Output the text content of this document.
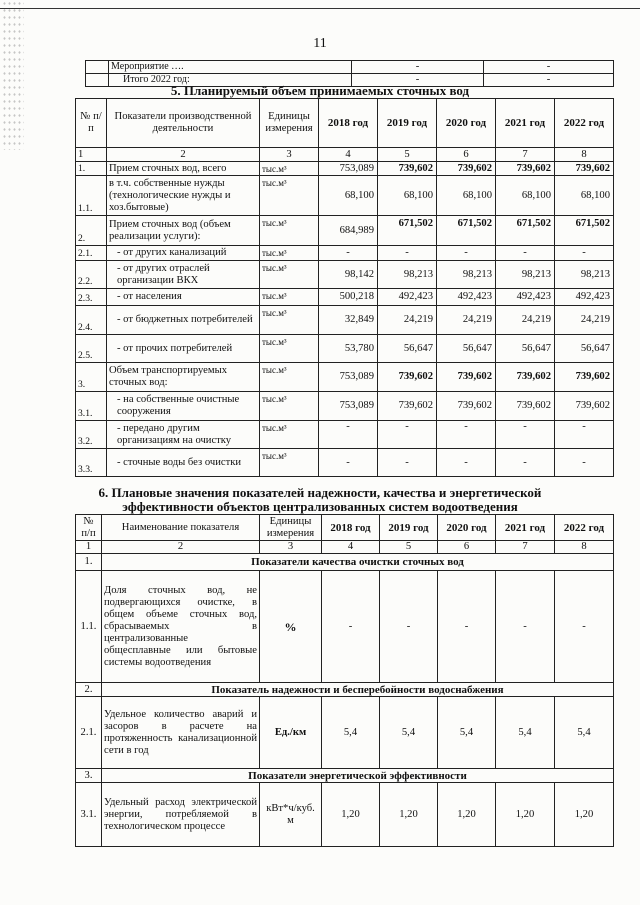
11
	Мероприятие ….	-	-
	Итого 2022 год:	-	-
5. Планируемый объем принимаемых сточных вод
№ п/п	Показатели производственной деятельности	Единицы измерения	2018 год	2019 год	2020 год	2021 год	2022 год
1	2	3	4	5	6	7	8
1.	Прием сточных вод, всего	тыс.м³	753,089	739,602	739,602	739,602	739,602
1.1.	в т.ч. собственные нужды (технологические нужды и хоз.бытовые)	тыс.м³	68,100	68,100	68,100	68,100	68,100
2.	Прием сточных вод (объем реализации услуги):	тыс.м³	684,989	671,502	671,502	671,502	671,502
2.1.	- от других канализаций	тыс.м³	-	-	-	-	-
2.2.	- от других отраслей организации ВКХ	тыс.м³	98,142	98,213	98,213	98,213	98,213
2.3.	- от населения	тыс.м³	500,218	492,423	492,423	492,423	492,423
2.4.	- от бюджетных потребителей	тыс.м³	32,849	24,219	24,219	24,219	24,219
2.5.	- от прочих потребителей	тыс.м³	53,780	56,647	56,647	56,647	56,647
3.	Объем транспортируемых сточных вод:	тыс.м³	753,089	739,602	739,602	739,602	739,602
3.1.	- на собственные очистные сооружения	тыс.м³	753,089	739,602	739,602	739,602	739,602
3.2.	- передано другим организациям на очистку	тыс.м³	-	-	-	-	-
3.3.	- сточные воды без очистки	тыс.м³	-	-	-	-	-
6. Плановые значения показателей надежности, качества и энергетической
эффективности объектов централизованных систем водоотведения
№ п/п	Наименование показателя	Единицы измерения	2018 год	2019 год	2020 год	2021 год	2022 год
1	2	3	4	5	6	7	8
1.	Показатели качества очистки сточных вод						
1.1.	Доля сточных вод, не подвергающихся очистке, в общем объеме сточных вод, сбрасываемых в централизованные общесплавные или бытовые системы водоотведения	%	-	-	-	-	-
2.	Показатель надежности и бесперебойности водоснабжения						
2.1.	Удельное количество аварий и засоров в расчете на протяженность канализационной сети в год	Ед./км	5,4	5,4	5,4	5,4	5,4
3.	Показатели энергетической эффективности						
3.1.	Удельный расход электрической энергии, потребляемой в технологическом процессе	кВт*ч/куб. м	1,20	1,20	1,20	1,20	1,20
